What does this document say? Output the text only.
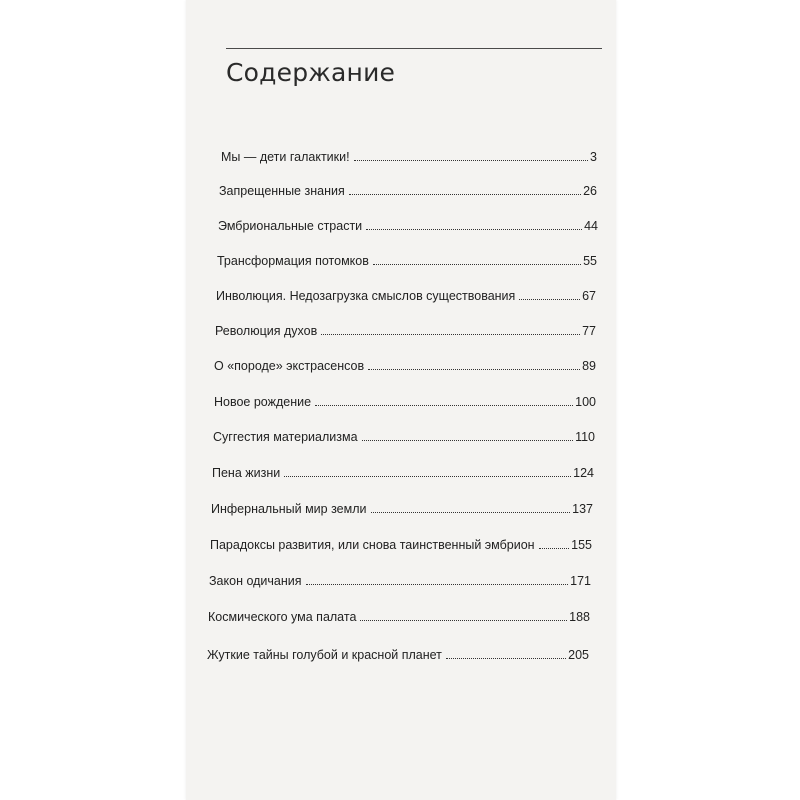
Содержание
Мы — дети галактики!	3
Запрещенные знания	26
Эмбриональные страсти	44
Трансформация потомков	55
Инволюция. Недозагрузка смыслов существования	67
Революция духов	77
О «породе» экстрасенсов	89
Новое рождение	100
Суггестия материализма	110
Пена жизни	124
Инфернальный мир земли	137
Парадоксы развития, или снова таинственный эмбрион	155
Закон одичания	171
Космического ума палата	188
Жуткие тайны голубой и красной планет	205
